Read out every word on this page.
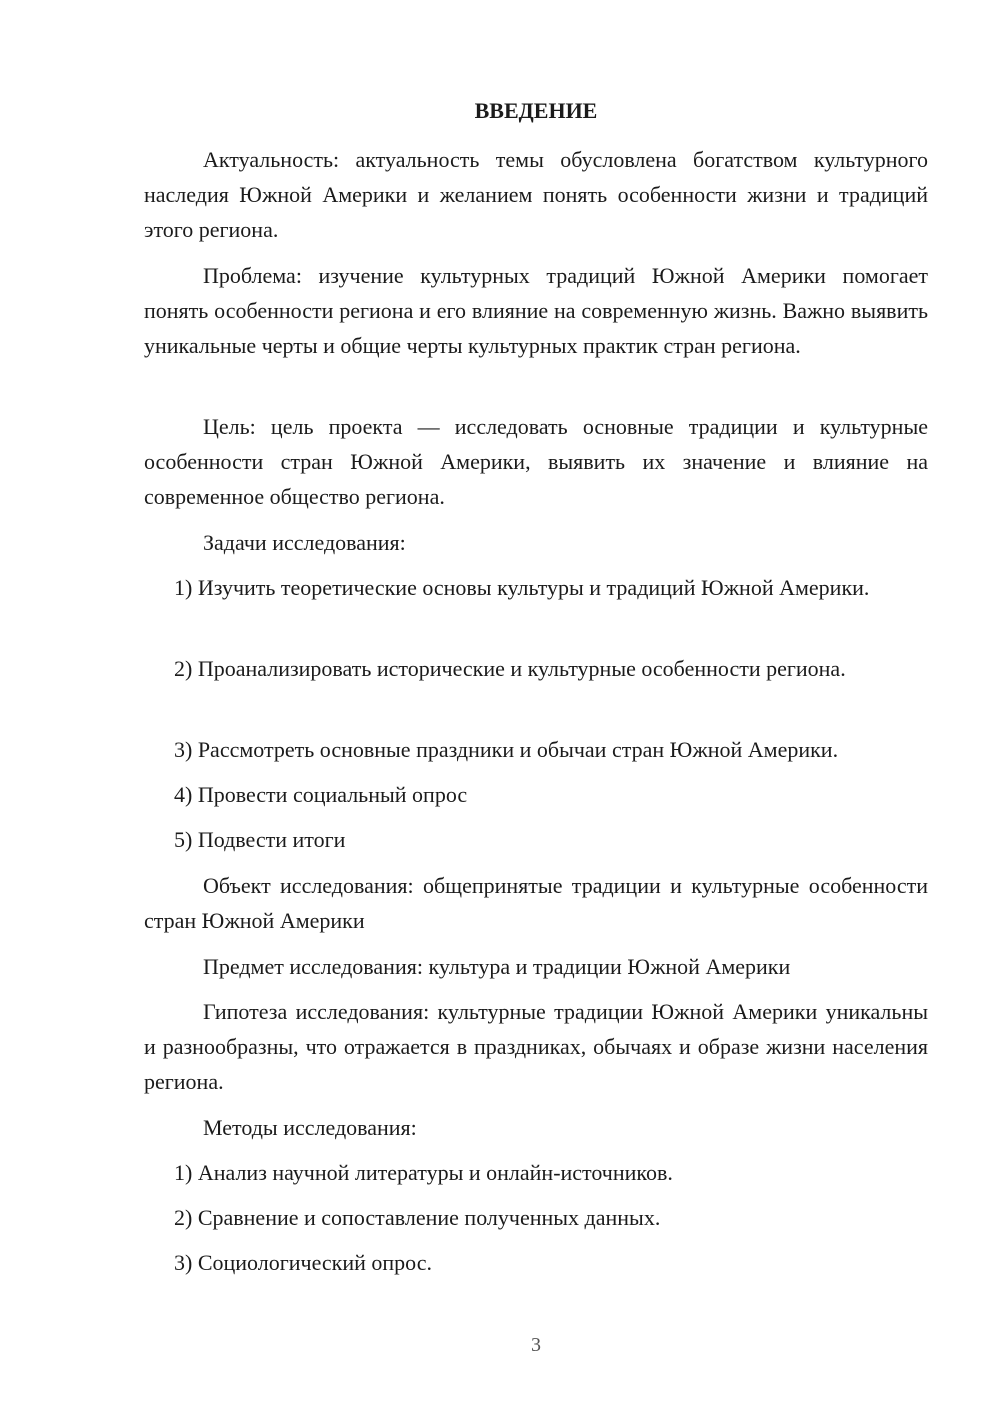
ВВЕДЕНИЕ

Актуальность: актуальность темы обусловлена богатством культурного наследия Южной Америки и желанием понять особенности жизни и традиций этого региона.

Проблема: изучение культурных традиций Южной Америки помогает понять особенности региона и его влияние на современную жизнь. Важно выявить уникальные черты и общие черты культурных практик стран региона.

Цель: цель проекта — исследовать основные традиции и культурные особенности стран Южной Америки, выявить их значение и влияние на современное общество региона.

Задачи исследования:

1) Изучить теоретические основы культуры и традиций Южной Америки.

2) Проанализировать исторические и культурные особенности региона.

3) Рассмотреть основные праздники и обычаи стран Южной Америки.

4) Провести социальный опрос

5) Подвести итоги

Объект исследования: общепринятые традиции и культурные особенности стран Южной Америки

Предмет исследования: культура и традиции Южной Америки

Гипотеза исследования: культурные традиции Южной Америки уникальны и разнообразны, что отражается в праздниках, обычаях и образе жизни населения региона.

Методы исследования:

1) Анализ научной литературы и онлайн-источников.

2) Сравнение и сопоставление полученных данных.

3) Социологический опрос.

3
